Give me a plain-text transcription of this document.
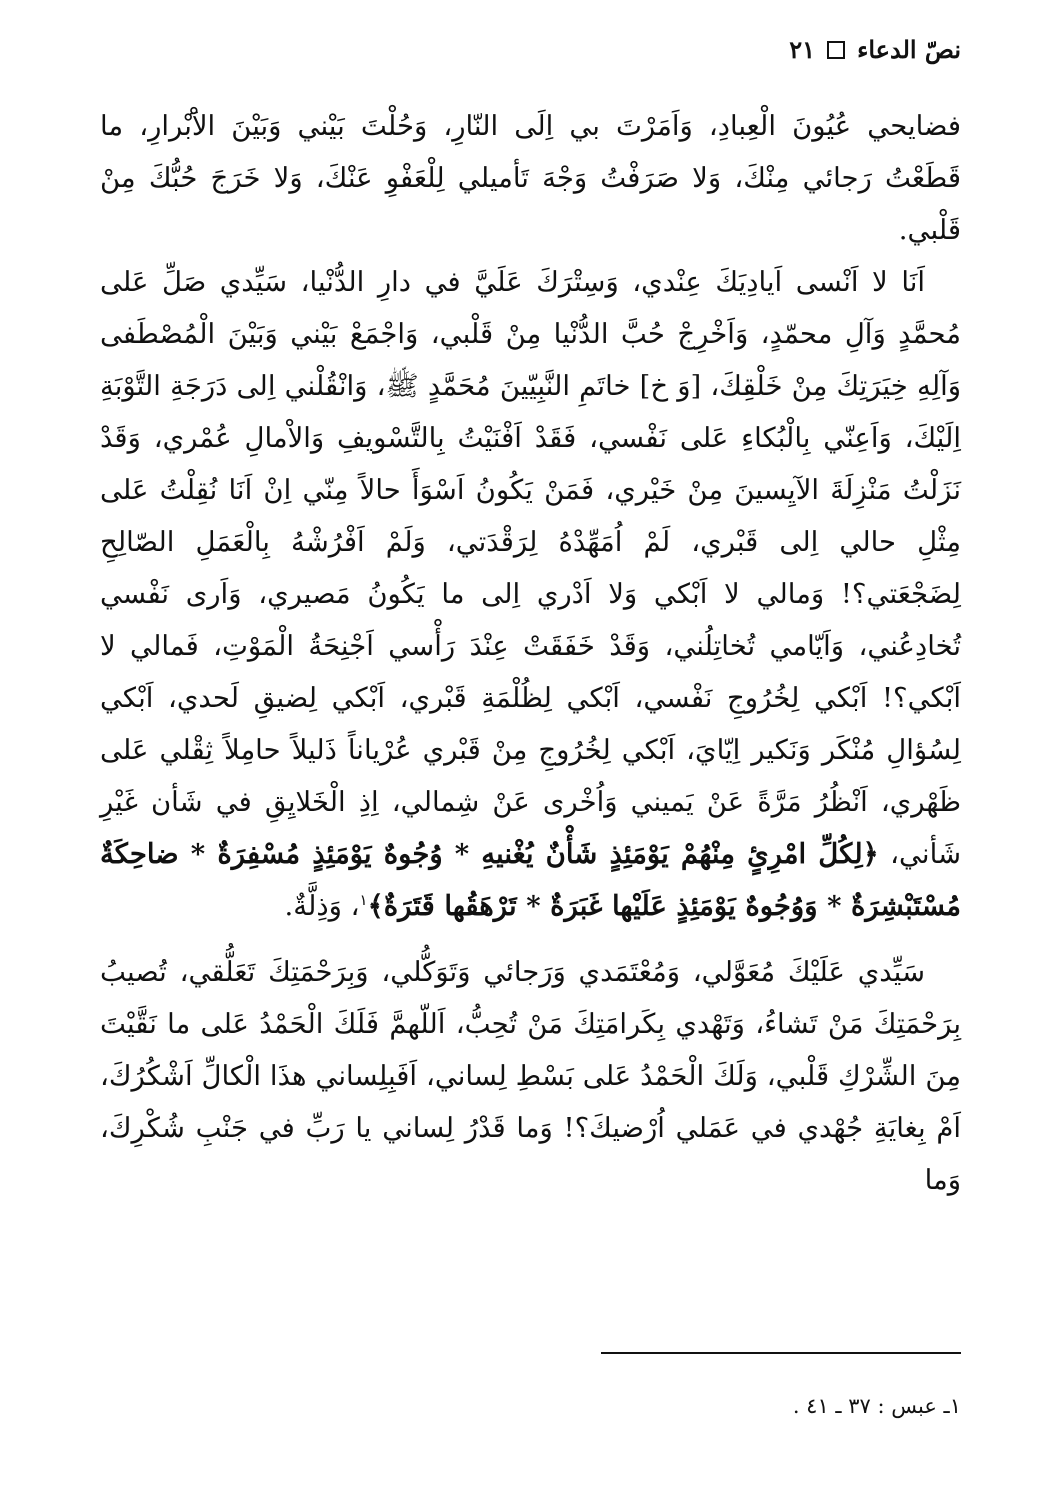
نصّ الدعاء
٢١

فضايحي عُيُونَ الْعِبادِ، وَاَمَرْتَ بي اِلَى النّارِ، وَحُلْتَ بَيْني وَبَيْنَ الاَْبْرارِ، ما قَطَعْتُ رَجائي مِنْكَ، وَلا صَرَفْتُ وَجْهَ تَأميلي لِلْعَفْوِ عَنْكَ، وَلا خَرَجَ حُبُّكَ مِنْ قَلْبي.

اَنَا لا اَنْسى اَيادِيَكَ عِنْدي، وَسِتْرَكَ عَلَيَّ في دارِ الدُّنْيا، سَيِّدي صَلِّ عَلى مُحمَّدٍ وَآلِ محمّدٍ، وَاَخْرِجْ حُبَّ الدُّنْيا مِنْ قَلْبي، وَاجْمَعْ بَيْني وَبَيْنَ الْمُصْطَفى وَآلِهِ خِيَرَتِكَ مِنْ خَلْقِكَ، [وَ خ] خاتَمِ النَّبِيّينَ مُحَمَّدٍ ﷺ، وَانْقُلْني اِلى دَرَجَةِ التَّوْبَةِ اِلَيْكَ، وَاَعِنّي بِالْبُكاءِ عَلى نَفْسي، فَقَدْ اَفْنَيْتُ بِالتَّسْويفِ وَالاْمالِ عُمْري، وَقَدْ نَزَلْتُ مَنْزِلَةَ الآيِسينَ مِنْ خَيْري، فَمَنْ يَكُونُ اَسْوَأَ حالاً مِنّي اِنْ اَنَا نُقِلْتُ عَلى مِثْلِ حالي اِلى قَبْري، لَمْ اُمَهِّدْهُ لِرَقْدَتي، وَلَمْ اَفْرُشْهُ بِالْعَمَلِ الصّالِحِ لِضَجْعَتي؟! وَمالي لا اَبْكي وَلا اَدْري اِلى ما يَكُونُ مَصيري، وَاَرى نَفْسي تُخادِعُني، وَاَيّامي تُخاتِلُني، وَقَدْ خَفَقَتْ عِنْدَ رَأْسي اَجْنِحَةُ الْمَوْتِ، فَمالي لا اَبْكي؟! اَبْكي لِخُرُوجِ نَفْسي، اَبْكي لِظُلْمَةِ قَبْري، اَبْكي لِضيقِ لَحدي، اَبْكي لِسُؤالِ مُنْكَر وَنَكير اِيّايَ، اَبْكي لِخُرُوجِ مِنْ قَبْري عُرْياناً ذَليلاً حامِلاً ثِقْلي عَلى ظَهْري، اَنْظُرُ مَرَّةً عَنْ يَميني وَاُخْرى عَنْ شِمالي، اِذِ الْخَلايِقِ في شَأن غَيْرِ شَأني، ﴿لِكُلِّ امْرِئٍ مِنْهُمْ يَوْمَئِذٍ شَأْنٌ يُغْنيهِ * وُجُوهٌ يَوْمَئِذٍ مُسْفِرَةٌ * ضاحِكَةٌ مُسْتَبْشِرَةٌ * وَوُجُوهٌ يَوْمَئِذٍ عَلَيْها غَبَرَةٌ * تَرْهَقُها قَتَرَةٌ﴾$^١$، وَذِلَّةٌ.

سَيِّدي عَلَيْكَ مُعَوَّلي، وَمُعْتَمَدي وَرَجائي وَتَوَكُّلي، وَبِرَحْمَتِكَ تَعَلُّقي، تُصيبُ بِرَحْمَتِكَ مَنْ تَشاءُ، وَتَهْدي بِكَرامَتِكَ مَنْ تُحِبُّ، اَللّهمَّ فَلَكَ الْحَمْدُ عَلى ما نَقَّيْتَ مِنَ الشِّرْكِ قَلْبي، وَلَكَ الْحَمْدُ عَلى بَسْطِ لِساني، اَفَبِلِساني هذَا الْكالِّ اَشْكُرُكَ، اَمْ بِغايَةِ جُهْدي في عَمَلي اُرْضيكَ؟! وَما قَدْرُ لِساني يا رَبِّ في جَنْبِ شُكْرِكَ، وَما

١ـ عبس : ٣٧ ـ ٤١ .
